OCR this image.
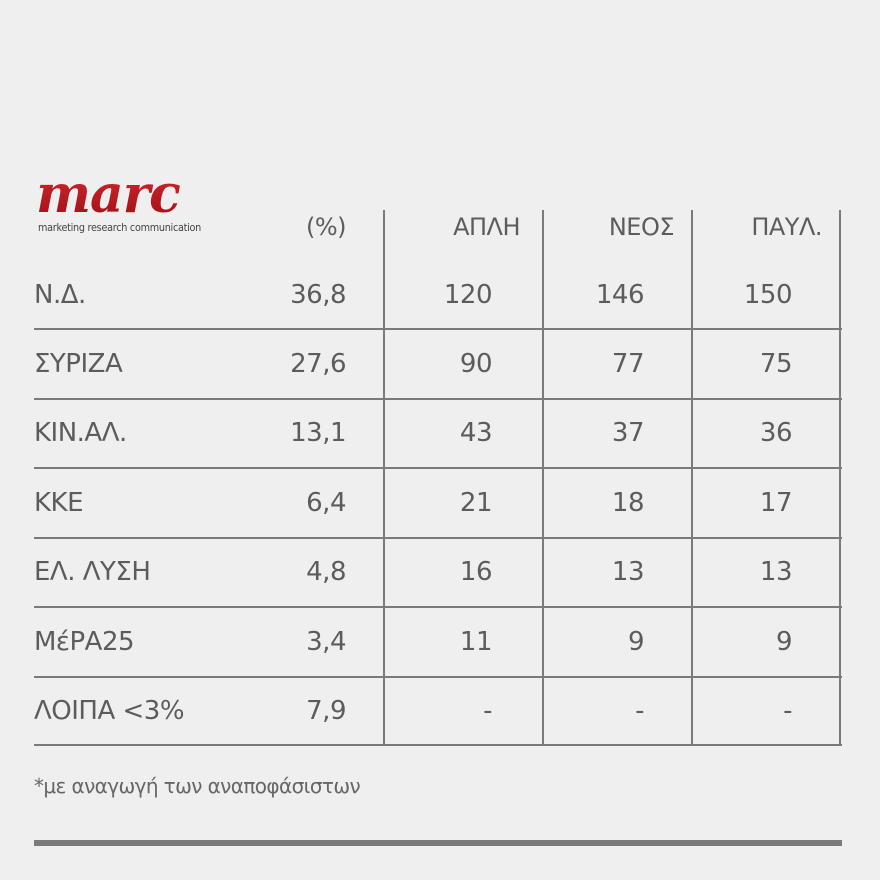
marc
marketing research communication	(%)	ΑΠΛΗ	ΝΕΟΣ	ΠΑΥΛ.
Ν.Δ.	36,8	120	146	150
ΣΥΡΙΖΑ	27,6	90	77	75
ΚΙΝ.ΑΛ.	13,1	43	37	36
ΚΚΕ	6,4	21	18	17
ΕΛ. ΛΥΣΗ	4,8	16	13	13
ΜέΡΑ25	3,4	11	9	9
ΛΟΙΠΑ <3%	7,9	-	-	-
*με αναγωγή των αναποφάσιστων
